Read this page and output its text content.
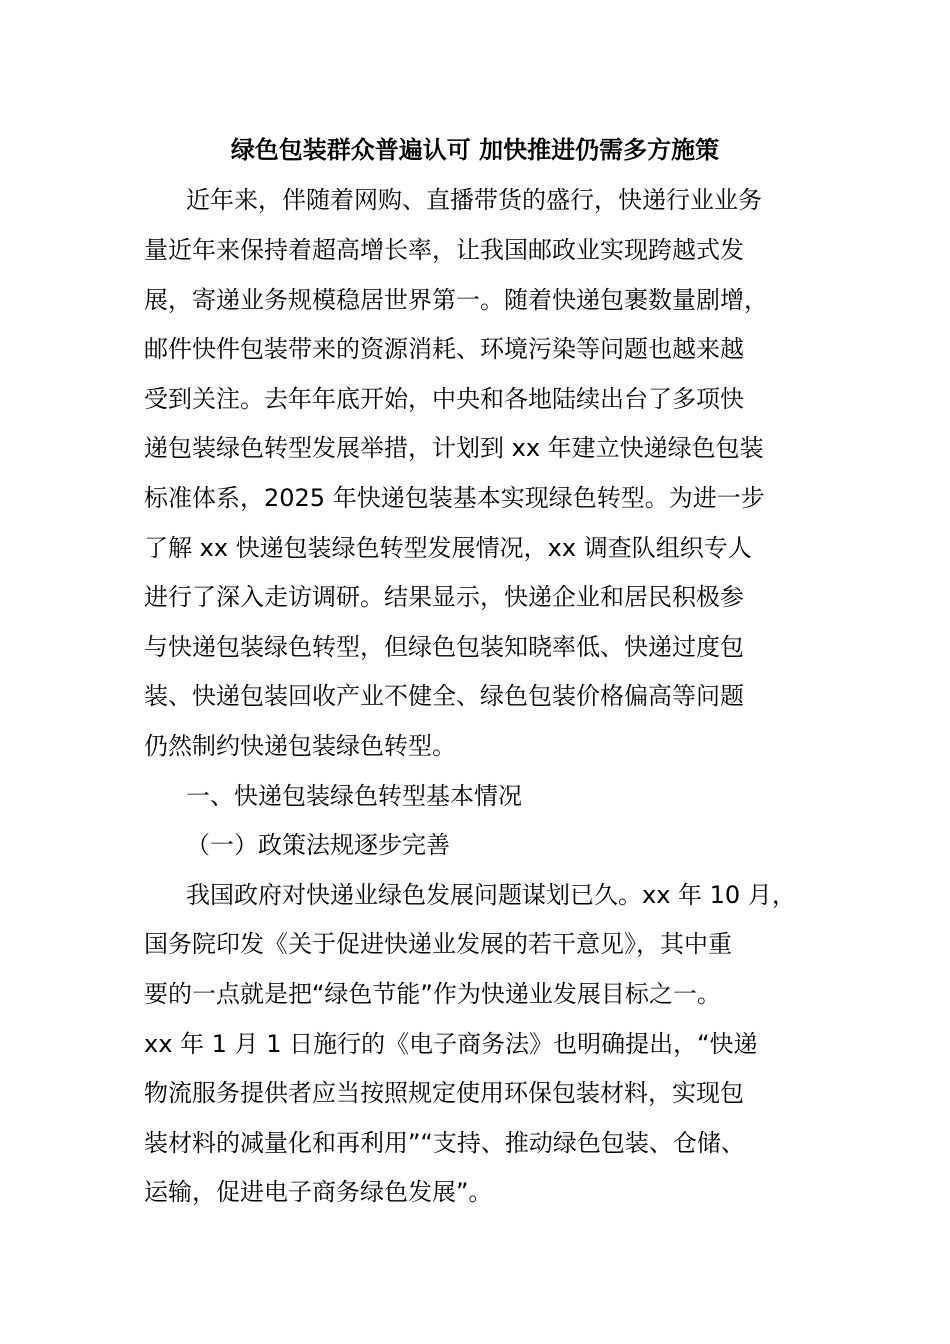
绿色包装群众普遍认可 加快推进仍需多方施策
近年来，伴随着网购、直播带货的盛行，快递行业业务
量近年来保持着超高增长率，让我国邮政业实现跨越式发
展，寄递业务规模稳居世界第一。随着快递包裹数量剧增，
邮件快件包装带来的资源消耗、环境污染等问题也越来越
受到关注。去年年底开始，中央和各地陆续出台了多项快
递包装绿色转型发展举措，计划到 xx 年建立快递绿色包装
标准体系，2025 年快递包装基本实现绿色转型。为进一步
了解 xx 快递包装绿色转型发展情况，xx 调查队组织专人
进行了深入走访调研。结果显示，快递企业和居民积极参
与快递包装绿色转型，但绿色包装知晓率低、快递过度包
装、快递包装回收产业不健全、绿色包装价格偏高等问题
仍然制约快递包装绿色转型。
一、快递包装绿色转型基本情况
（一）政策法规逐步完善
我国政府对快递业绿色发展问题谋划已久。xx 年 10 月，
国务院印发《关于促进快递业发展的若干意见》，其中重
要的一点就是把“绿色节能”作为快递业发展目标之一。
xx 年 1 月 1 日施行的《电子商务法》也明确提出，“快递
物流服务提供者应当按照规定使用环保包装材料，实现包
装材料的减量化和再利用”“支持、推动绿色包装、仓储、
运输，促进电子商务绿色发展”。
